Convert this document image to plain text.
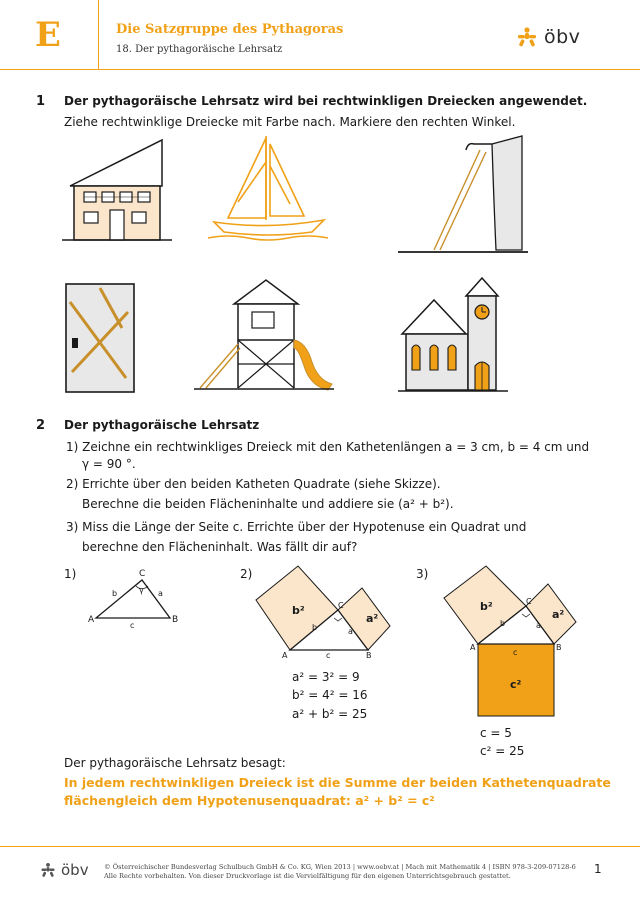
E	Die Satzgruppe des Pythagoras
18. Der pythagoräische Lehrsatz
öbv
1 Der pythagoräische Lehrsatz wird bei rechtwinkligen Dreiecken angewendet.
Ziehe rechtwinklige Dreiecke mit Farbe nach. Markiere den rechten Winkel.
2 Der pythagoräische Lehrsatz
1) Zeichne ein rechtwinkliges Dreieck mit den Kathetenlängen a = 3 cm, b = 4 cm und
γ = 90 °.
2) Errichte über den beiden Katheten Quadrate (siehe Skizze).
Berechne die beiden Flächeninhalte und addiere sie (a² + b²).
3) Miss die Länge der Seite c. Errichte über der Hypotenuse ein Quadrat und
berechne den Flächeninhalt. Was fällt dir auf?
1)
A	B
C
γ
b	a
c
2)
b²
a²
A	B
C
b	a
c
a² = 3² = 9
b² = 4² = 16
a² + b² = 25
3)
b²
a²
c²
A	B
C
b	a
c
c = 5
c² = 25
Der pythagoräische Lehrsatz besagt:
In jedem rechtwinkligen Dreieck ist die Summe der beiden Kathetenquadrate
flächengleich dem Hypotenusenquadrat: a² + b² = c²
öbv © Österreichischer Bundesverlag Schulbuch GmbH & Co. KG, Wien 2013 | www.oebv.at | Mach mit Mathematik 4 | ISBN 978-3-209-07128-6
Alle Rechte vorbehalten. Von dieser Druckvorlage ist die Vervielfältigung für den eigenen Unterrichtsgebrauch gestattet.	1
